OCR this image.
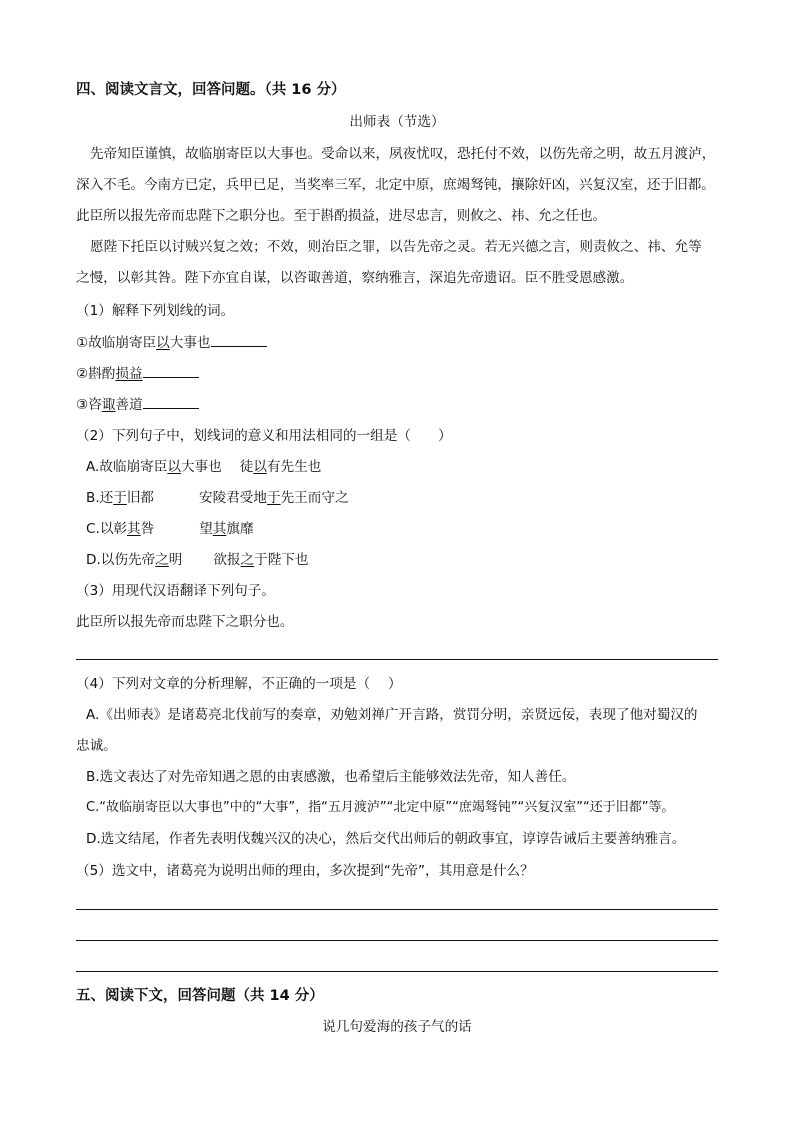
四、阅读文言文，回答问题。（共 16 分）
出师表（节选）
先帝知臣谨慎，故临崩寄臣以大事也。受命以来，夙夜忧叹，恐托付不效，以伤先帝之明，故五月渡泸，
深入不毛。今南方已定，兵甲已足，当奖率三军，北定中原，庶竭驽钝，攘除奸凶，兴复汉室，还于旧都。
此臣所以报先帝而忠陛下之职分也。至于斟酌损益，进尽忠言，则攸之、祎、允之任也。
愿陛下托臣以讨贼兴复之效；不效，则治臣之罪，以告先帝之灵。若无兴德之言，则责攸之、祎、允等
之慢，以彰其咎。陛下亦宜自谋，以咨诹善道，察纳雅言，深追先帝遗诏。臣不胜受恩感激。
（1）解释下列划线的词。
①故临崩寄臣以大事也
②斟酌损益
③咨诹善道
（2）下列句子中，划线词的意义和用法相同的一组是（　　）
A.故临崩寄臣以大事也 徒以有先生也
B.还于旧都	安陵君受地于先王而守之
C.以彰其咎	望其旗靡
D.以伤先帝之明 欲报之于陛下也
（3）用现代汉语翻译下列句子。
此臣所以报先帝而忠陛下之职分也。
（4）下列对文章的分析理解，不正确的一项是（　 ）
A.《出师表》是诸葛亮北伐前写的奏章，劝勉刘禅广开言路，赏罚分明，亲贤远佞，表现了他对蜀汉的
忠诚。
B.选文表达了对先帝知遇之恩的由衷感激，也希望后主能够效法先帝，知人善任。
C.“故临崩寄臣以大事也”中的“大事”，指“五月渡泸”“北定中原”“庶竭驽钝”“兴复汉室”“还于旧都”等。
D.选文结尾，作者先表明伐魏兴汉的决心，然后交代出师后的朝政事宜，谆谆告诫后主要善纳雅言。
（5）选文中，诸葛亮为说明出师的理由，多次提到“先帝”，其用意是什么？
五、阅读下文，回答问题（共 14 分）
说几句爱海的孩子气的话
